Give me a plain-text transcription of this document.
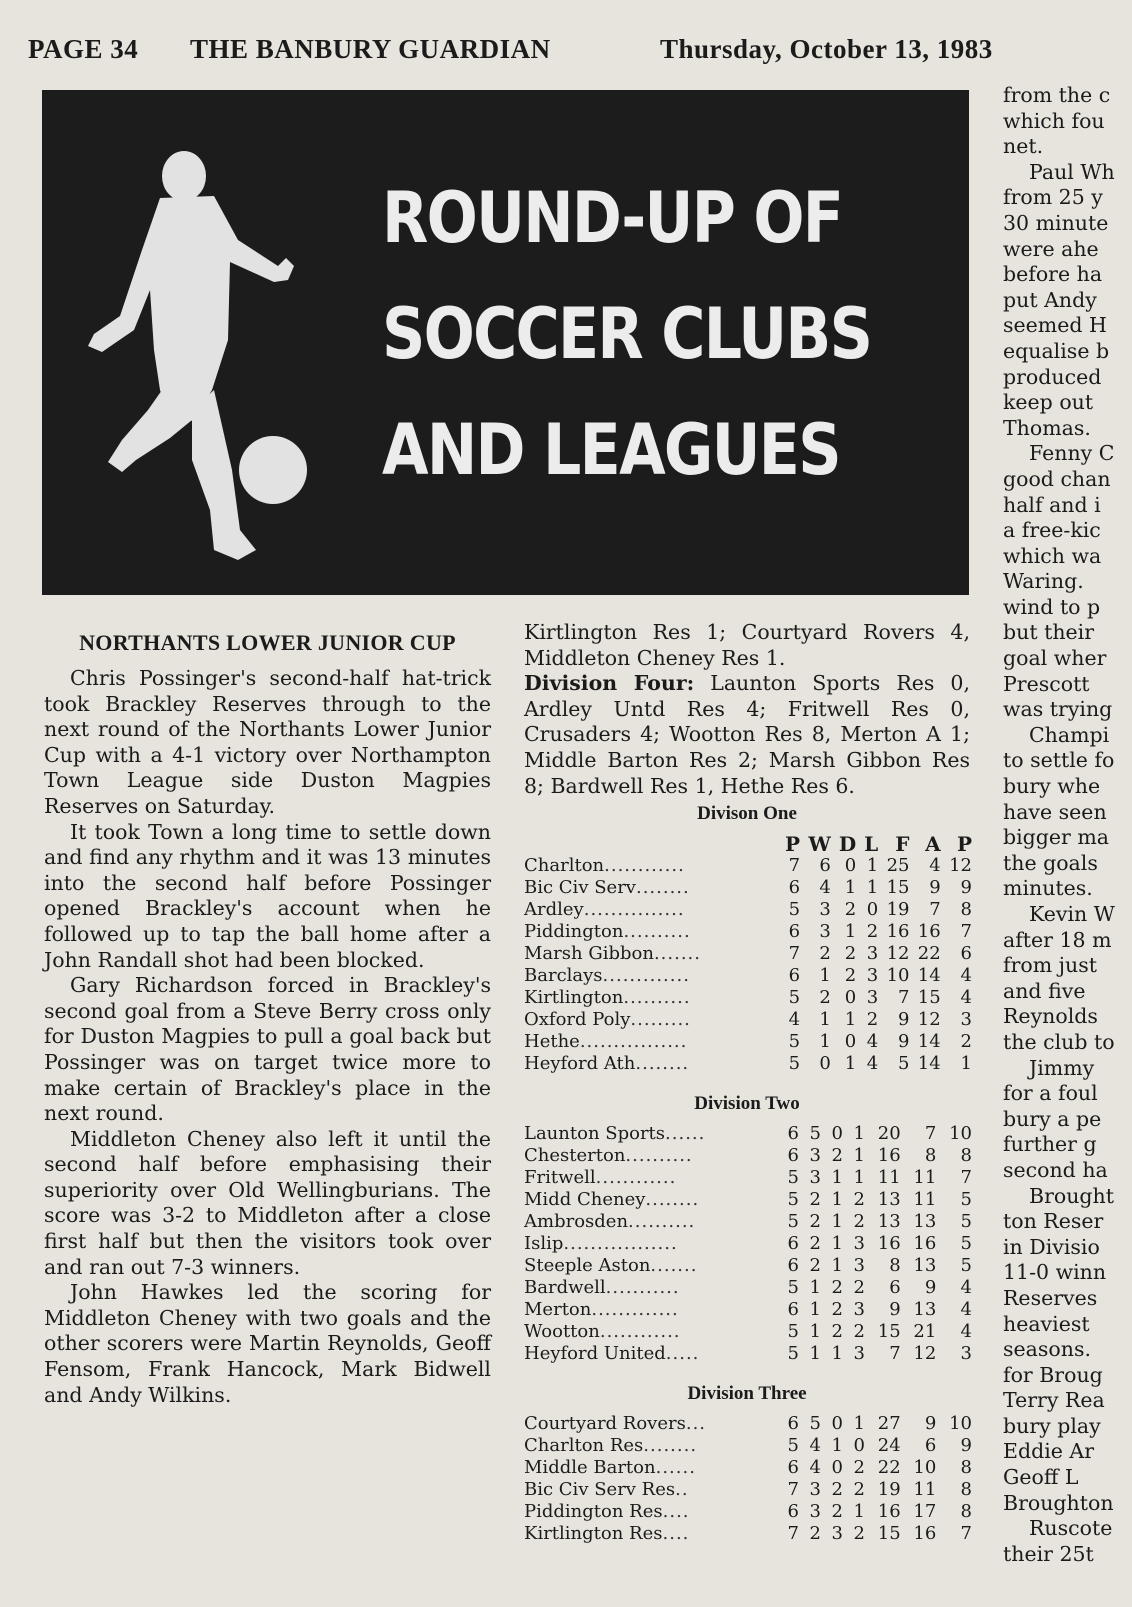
PAGE 34 THE BANBURY GUARDIAN	Thursday, October 13, 1983
ROUND-UP OF
SOCCER CLUBS
AND LEAGUES
NORTHANTS LOWER JUNIOR CUP

Chris Possinger's second-half hat-trick took Brackley Reserves through to the next round of the Northants Lower Junior Cup with a 4-1 victory over Northampton Town League side Duston Magpies Reserves on Saturday.

It took Town a long time to settle down and find any rhythm and it was 13 minutes into the second half before Possinger opened Brackley's account when he followed up to tap the ball home after a John Randall shot had been blocked.

Gary Richardson forced in Brackley's second goal from a Steve Berry cross only for Duston Magpies to pull a goal back but Possinger was on target twice more to make certain of Brackley's place in the next round.

Middleton Cheney also left it until the second half before emphasising their superiority over Old Wellingburians. The score was 3-2 to Middleton after a close first half but then the visitors took over and ran out 7-3 winners.

John Hawkes led the scoring for Middleton Cheney with two goals and the other scorers were Martin Reynolds, Geoff Fensom, Frank Hancock, Mark Bidwell and Andy Wilkins.

Kirtlington Res 1; Courtyard Rovers 4, Middleton Cheney Res 1.

Division Four: Launton Sports Res 0, Ardley Untd Res 4; Fritwell Res 0, Crusaders 4; Wootton Res 8, Merton A 1; Middle Barton Res 2; Marsh Gibbon Res 8; Bardwell Res 1, Hethe Res 6.

Divison One
	P	W	D	L	F	A	P
Charlton............	7	6	0	1	25	4	12
Bic Civ Serv........	6	4	1	1	15	9	9
Ardley...............	5	3	2	0	19	7	8
Piddington..........	6	3	1	2	16	16	7
Marsh Gibbon.......	7	2	2	3	12	22	6
Barclays.............	6	1	2	3	10	14	4
Kirtlington..........	5	2	0	3	7	15	4
Oxford Poly.........	4	1	1	2	9	12	3
Hethe................	5	1	0	4	9	14	2
Heyford Ath........	5	0	1	4	5	14	1
Division Two
Launton Sports......	6	5	0	1	20	7	10
Chesterton..........	6	3	2	1	16	8	8
Fritwell............	5	3	1	1	11	11	7
Midd Cheney........	5	2	1	2	13	11	5
Ambrosden..........	5	2	1	2	13	13	5
Islip.................	6	2	1	3	16	16	5
Steeple Aston.......	6	2	1	3	8	13	5
Bardwell...........	5	1	2	2	6	9	4
Merton.............	6	1	2	3	9	13	4
Wootton............	5	1	2	2	15	21	4
Heyford United.....	5	1	1	3	7	12	3
Division Three
Courtyard Rovers...	6	5	0	1	27	9	10
Charlton Res........	5	4	1	0	24	6	9
Middle Barton......	6	4	0	2	22	10	8
Bic Civ Serv Res..	7	3	2	2	19	11	8
Piddington Res....	6	3	2	1	16	17	8
Kirtlington Res....	7	2	3	2	15	16	7

from the c

which fou

net.

Paul Wh

from 25 y

30 minute

were ahe

before ha

put Andy

seemed H

equalise b

produced

keep out

Thomas.

Fenny C

good chan

half and i

a free-kic

which wa

Waring.

wind to p

but their

goal wher

Prescott

was trying

Champi

to settle fo

bury whe

have seen

bigger ma

the goals

minutes.

Kevin W

after 18 m

from just

and five

Reynolds

the club to

Jimmy

for a foul

bury a pe

further g

second ha

Brought

ton Reser

in Divisio

11-0 winn

Reserves

heaviest

seasons.

for Broug

Terry Rea

bury play

Eddie Ar

Geoff L

Broughton

Ruscote

their 25t
